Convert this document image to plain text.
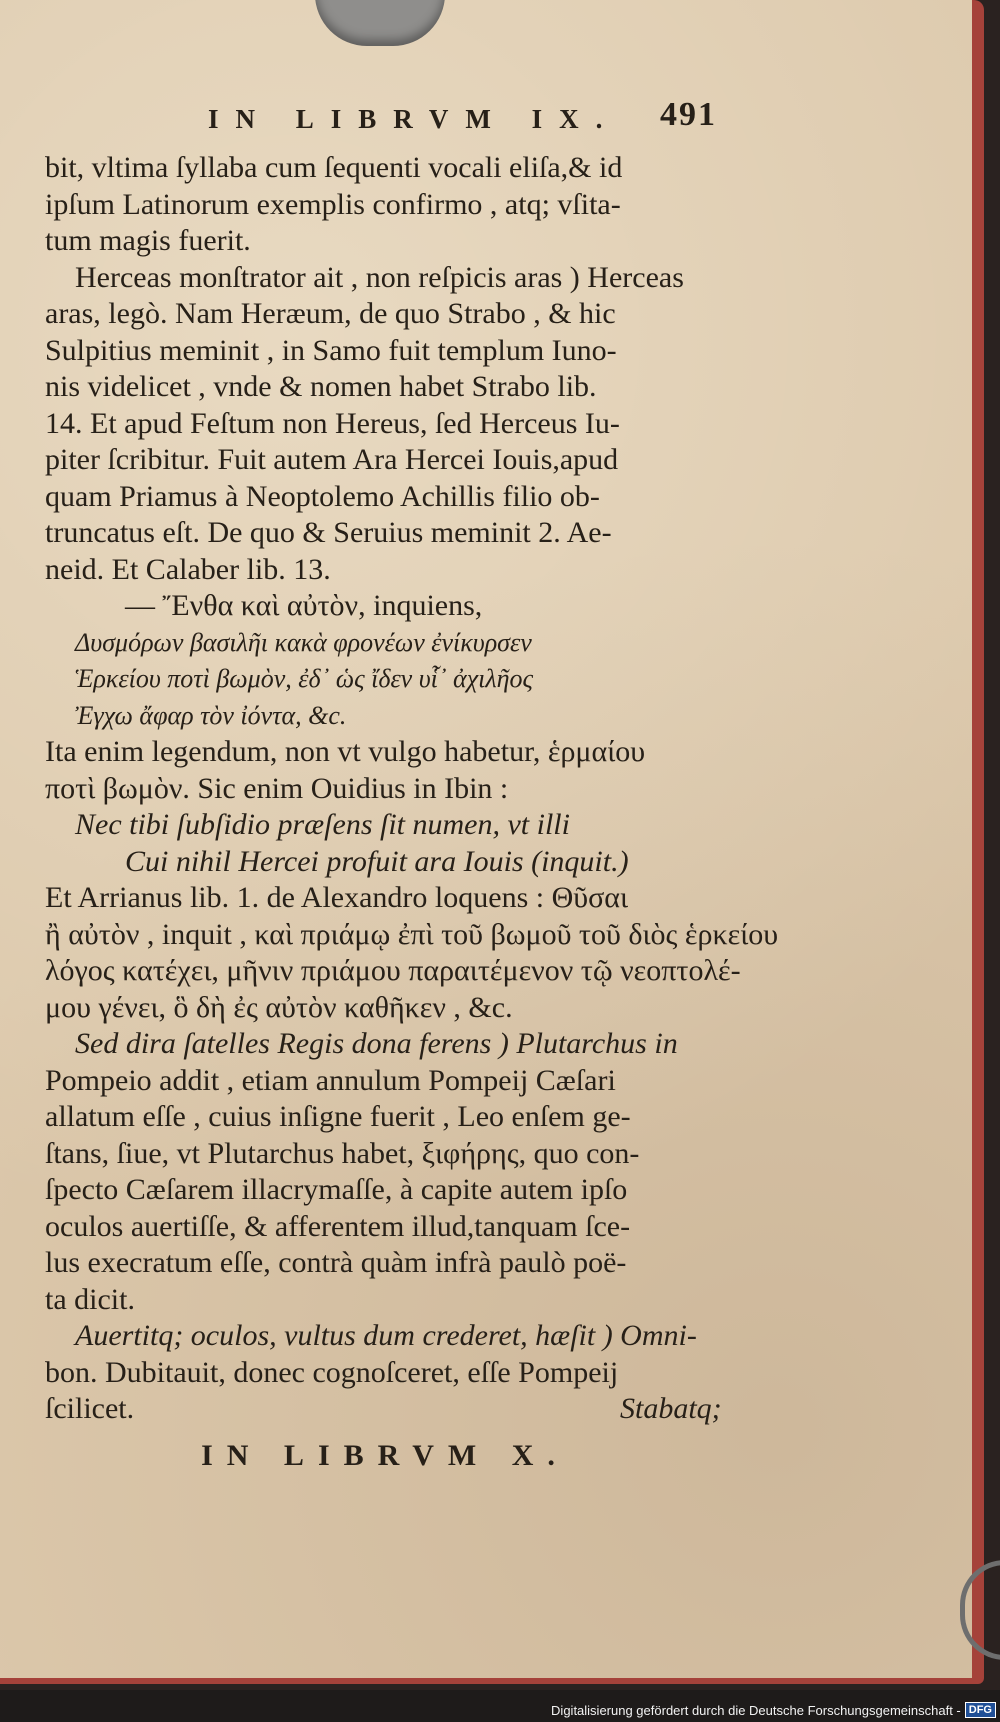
IN LIBRVM IX.	491
bit, vltima ſyllaba cum ſequenti vocali eliſa,& id
ipſum Latinorum exemplis confirmo , atq; vſita-
tum magis fuerit.
Herceas monſtrator ait , non reſpicis aras ) Herceas
aras, legò. Nam Heræum, de quo Strabo , & hic
Sulpitius meminit , in Samo fuit templum Iuno-
nis videlicet , vnde & nomen habet Strabo lib.
14. Et apud Feſtum non Hereus, ſed Herceus Iu-
piter ſcribitur. Fuit autem Ara Hercei Iouis,apud
quam Priamus à Neoptolemo Achillis filio ob-
truncatus eſt. De quo & Seruius meminit 2. Ae-
neid. Et Calaber lib. 13.
— Ἔνθα καὶ αὐτὸν, inquiens,
Δυσμόρων βασιλῆι κακὰ φρονέων ἐνίκυρσεν
Ἑρκείου ποτὶ βωμὸν, ἐδ᾽ ὡς ἴδεν υἷ᾽ ἀχιλῆος
Ἐγχω ἄφαρ τὸν ἰόντα, &c.
Ita enim legendum, non vt vulgo habetur, ἑρμαίου
ποτὶ βωμὸν. Sic enim Ouidius in Ibin :
Nec tibi ſubſidio præſens ſit numen, vt illi
Cui nihil Hercei profuit ara Iouis (inquit.)
Et Arrianus lib. 1. de Alexandro loquens : Θῦσαι
ἢ αὐτὸν , inquit , καὶ πριάμῳ ἐπὶ τοῦ βωμοῦ τοῦ διὸς ἑρκείου
λόγος κατέχει, μῆνιν πριάμου παραιτέμενον τῷ νεοπτολέ-
μου γένει, ὃ δὴ ἐς αὐτὸν καθῆκεν , &c.
Sed dira ſatelles Regis dona ferens ) Plutarchus in
Pompeio addit , etiam annulum Pompeij Cæſari
allatum eſſe , cuius inſigne fuerit , Leo enſem ge-
ſtans, ſiue, vt Plutarchus habet, ξιφήρης, quo con-
ſpecto Cæſarem illacrymaſſe, à capite autem ipſo
oculos auertiſſe, & afferentem illud,tanquam ſce-
lus execratum eſſe, contrà quàm infrà paulò poë-
ta dicit.
Auertitq; oculos, vultus dum crederet, hæſit ) Omni-
bon. Dubitauit, donec cognoſceret, eſſe Pompeij
ſcilicet.
IN LIBRVM X.
Stabatq;
Digitalisierung gefördert durch die Deutsche Forschungsgemeinschaft - DFG
